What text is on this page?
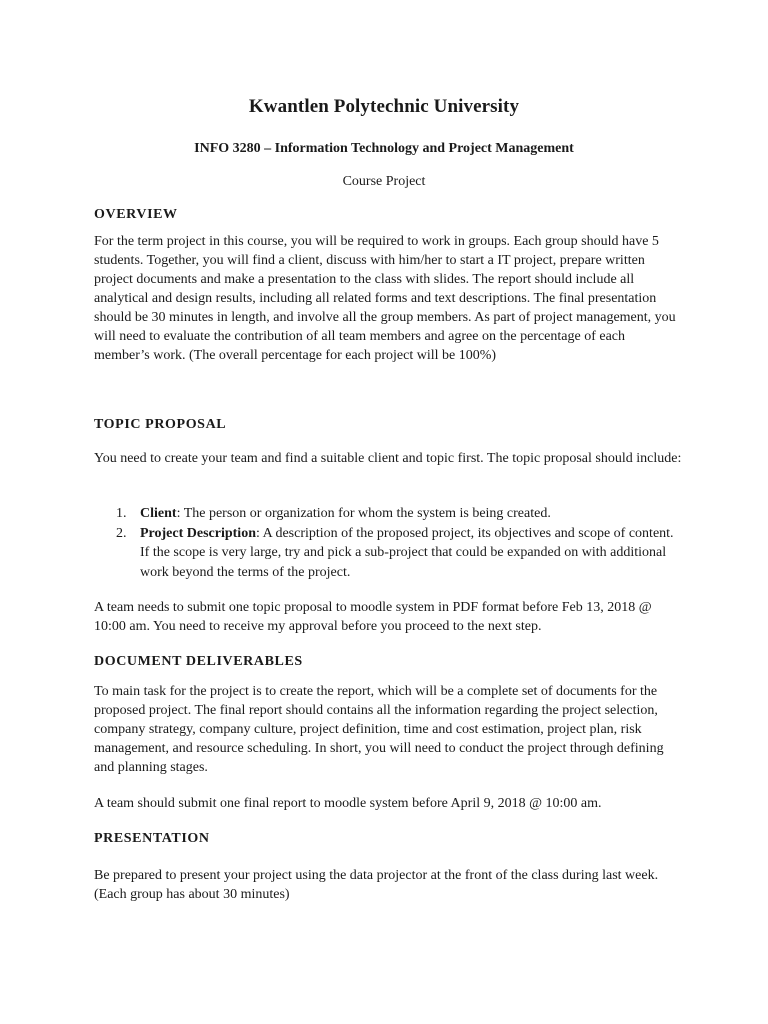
Kwantlen Polytechnic University
INFO 3280 – Information Technology and Project Management
Course Project
OVERVIEW

For the term project in this course, you will be required to work in groups. Each group should have 5 students. Together, you will find a client, discuss with him/her to start a IT project, prepare written project documents and make a presentation to the class with slides. The report should include all analytical and design results, including all related forms and text descriptions. The final presentation should be 30 minutes in length, and involve all the group members. As part of project management, you will need to evaluate the contribution of all team members and agree on the percentage of each member’s work. (The overall percentage for each project will be 100%)

TOPIC PROPOSAL

You need to create your team and find a suitable client and topic first. The topic proposal should include:

1. Client: The person or organization for whom the system is being created.
2. Project Description: A description of the proposed project, its objectives and scope of content. If the scope is very large, try and pick a sub-project that could be expanded on with additional work beyond the terms of the project.

A team needs to submit one topic proposal to moodle system in PDF format before Feb 13, 2018 @ 10:00 am. You need to receive my approval before you proceed to the next step.

DOCUMENT DELIVERABLES

To main task for the project is to create the report, which will be a complete set of documents for the proposed project. The final report should contains all the information regarding the project selection, company strategy, company culture, project definition, time and cost estimation, project plan, risk management, and resource scheduling. In short, you will need to conduct the project through defining and planning stages.

A team should submit one final report to moodle system before April 9, 2018 @ 10:00 am.

PRESENTATION

Be prepared to present your project using the data projector at the front of the class during last week. (Each group has about 30 minutes)
